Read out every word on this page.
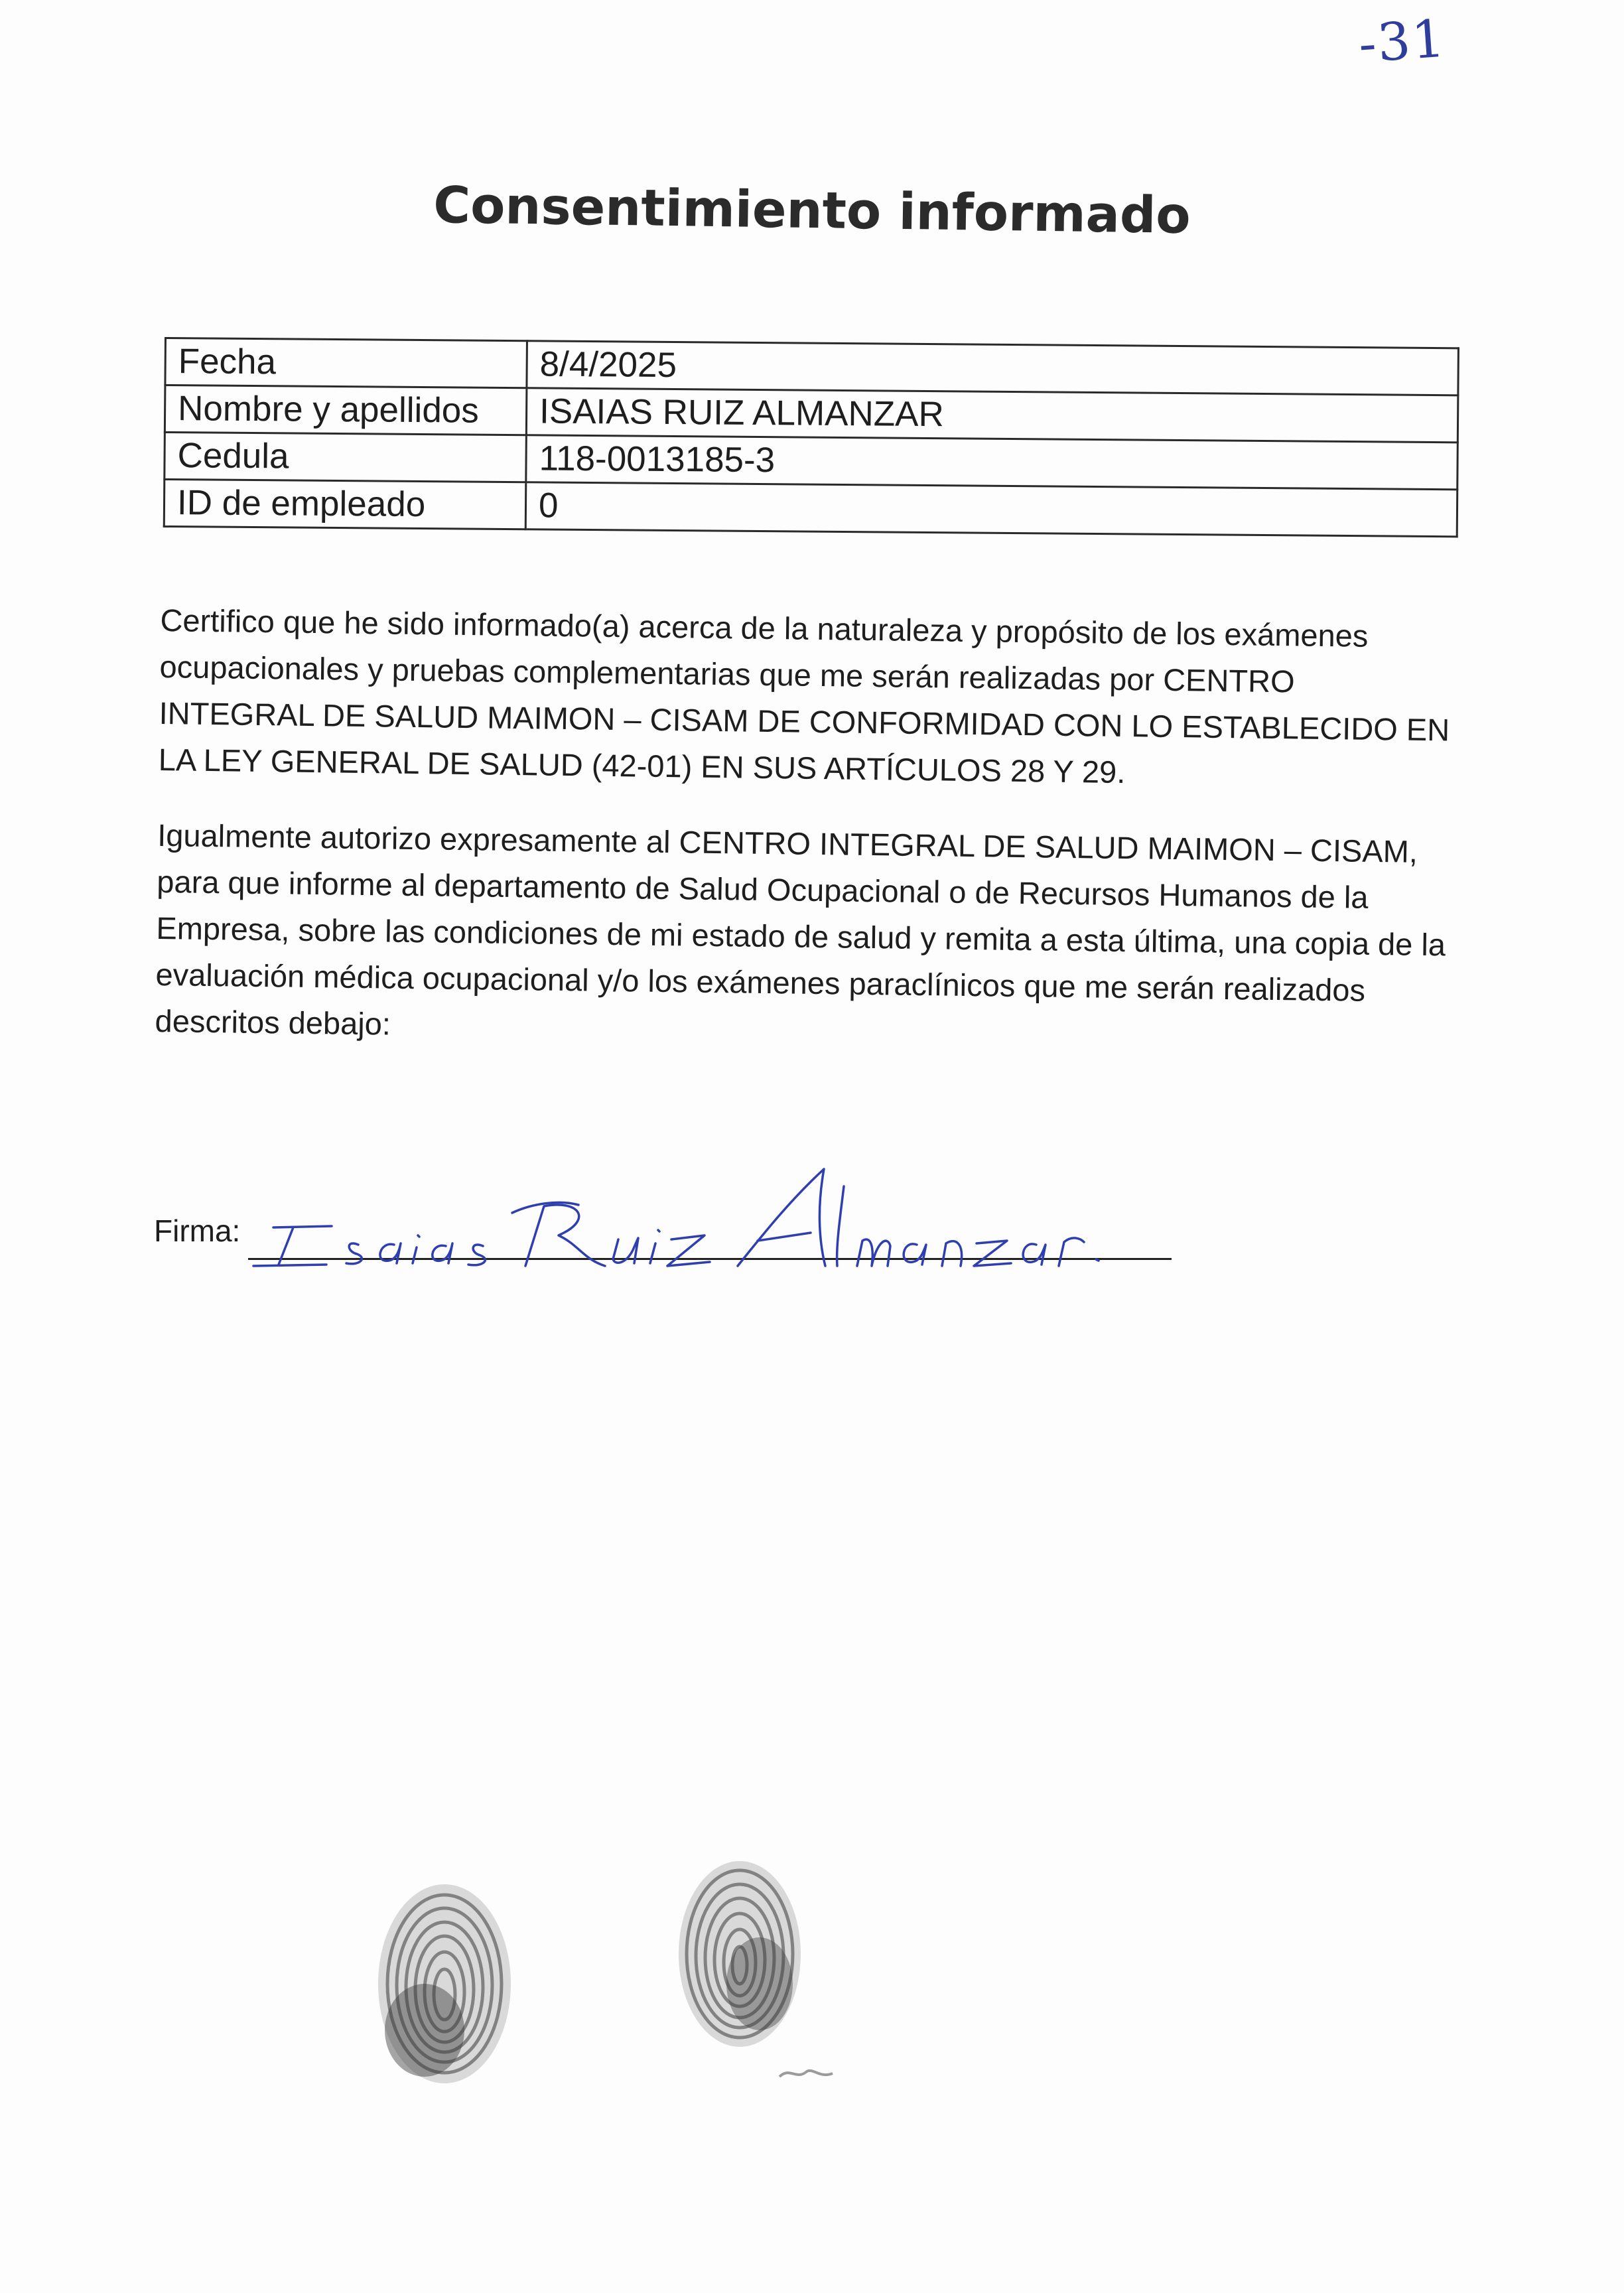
-31
Consentimiento informado
Fecha	8/4/2025
Nombre y apellidos	ISAIAS RUIZ ALMANZAR
Cedula	118-0013185-3
ID de empleado	0

Certifico que he sido informado(a) acerca de la naturaleza y propósito de los exámenes ocupacionales y pruebas complementarias que me serán realizadas por CENTRO INTEGRAL DE SALUD MAIMON – CISAM DE CONFORMIDAD CON LO ESTABLECIDO EN LA LEY GENERAL DE SALUD (42-01) EN SUS ARTÍCULOS 28 Y 29.

Igualmente autorizo expresamente al CENTRO INTEGRAL DE SALUD MAIMON – CISAM, para que informe al departamento de Salud Ocupacional o de Recursos Humanos de la Empresa, sobre las condiciones de mi estado de salud y remita a esta última, una copia de la evaluación médica ocupacional y/o los exámenes paraclínicos que me serán realizados descritos debajo:

Firma:
